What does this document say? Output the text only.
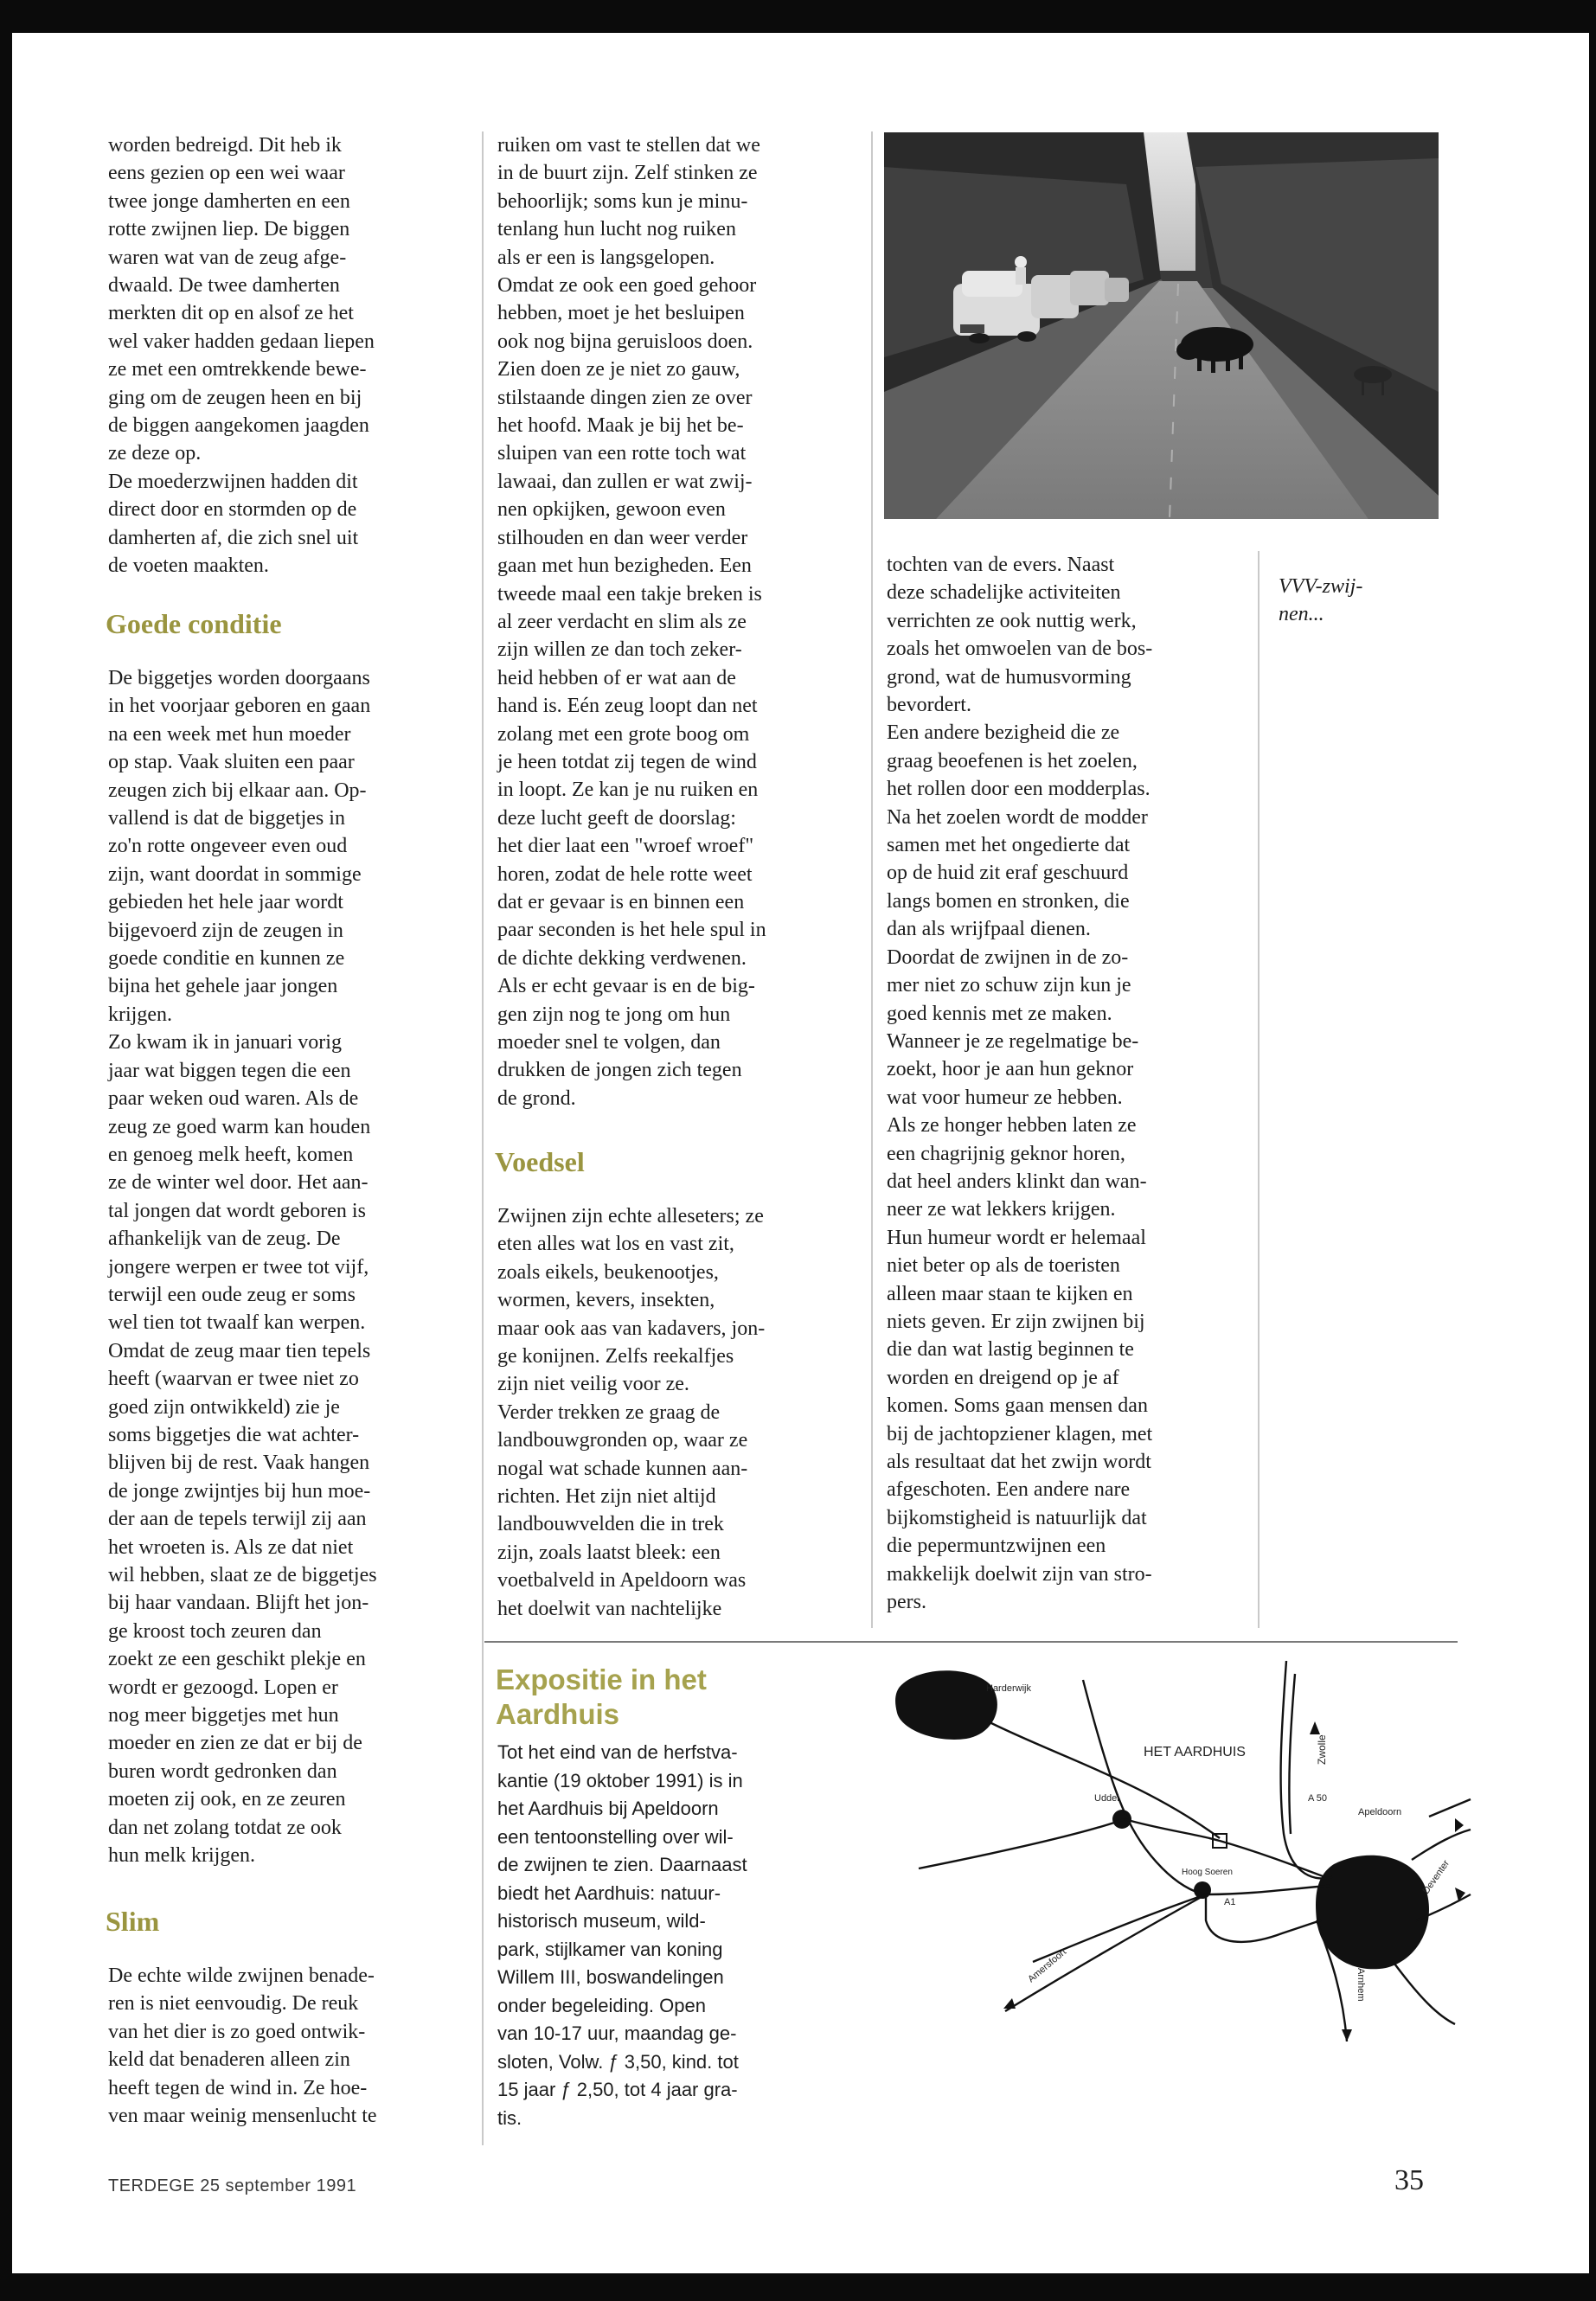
worden bedreigd. Dit heb ik
eens gezien op een wei waar
twee jonge damherten en een
rotte zwijnen liep. De biggen
waren wat van de zeug afge-
dwaald. De twee damherten
merkten dit op en alsof ze het
wel vaker hadden gedaan liepen
ze met een omtrekkende bewe-
ging om de zeugen heen en bij
de biggen aangekomen jaagden
ze deze op.
De moederzwijnen hadden dit
direct door en stormden op de
damherten af, die zich snel uit
de voeten maakten.

Goede conditie

De biggetjes worden doorgaans
in het voorjaar geboren en gaan
na een week met hun moeder
op stap. Vaak sluiten een paar
zeugen zich bij elkaar aan. Op-
vallend is dat de biggetjes in
zo'n rotte ongeveer even oud
zijn, want doordat in sommige
gebieden het hele jaar wordt
bijgevoerd zijn de zeugen in
goede conditie en kunnen ze
bijna het gehele jaar jongen
krijgen.
Zo kwam ik in januari vorig
jaar wat biggen tegen die een
paar weken oud waren. Als de
zeug ze goed warm kan houden
en genoeg melk heeft, komen
ze de winter wel door. Het aan-
tal jongen dat wordt geboren is
afhankelijk van de zeug. De
jongere werpen er twee tot vijf,
terwijl een oude zeug er soms
wel tien tot twaalf kan werpen.
Omdat de zeug maar tien tepels
heeft (waarvan er twee niet zo
goed zijn ontwikkeld) zie je
soms biggetjes die wat achter-
blijven bij de rest. Vaak hangen
de jonge zwijntjes bij hun moe-
der aan de tepels terwijl zij aan
het wroeten is. Als ze dat niet
wil hebben, slaat ze de biggetjes
bij haar vandaan. Blijft het jon-
ge kroost toch zeuren dan
zoekt ze een geschikt plekje en
wordt er gezoogd. Lopen er
nog meer biggetjes met hun
moeder en zien ze dat er bij de
buren wordt gedronken dan
moeten zij ook, en ze zeuren
dan net zolang totdat ze ook
hun melk krijgen.

Slim

De echte wilde zwijnen benade-
ren is niet eenvoudig. De reuk
van het dier is zo goed ontwik-
keld dat benaderen alleen zin
heeft tegen de wind in. Ze hoe-
ven maar weinig mensenlucht te

ruiken om vast te stellen dat we
in de buurt zijn. Zelf stinken ze
behoorlijk; soms kun je minu-
tenlang hun lucht nog ruiken
als er een is langsgelopen.
Omdat ze ook een goed gehoor
hebben, moet je het besluipen
ook nog bijna geruisloos doen.
Zien doen ze je niet zo gauw,
stilstaande dingen zien ze over
het hoofd. Maak je bij het be-
sluipen van een rotte toch wat
lawaai, dan zullen er wat zwij-
nen opkijken, gewoon even
stilhouden en dan weer verder
gaan met hun bezigheden. Een
tweede maal een takje breken is
al zeer verdacht en slim als ze
zijn willen ze dan toch zeker-
heid hebben of er wat aan de
hand is. Eén zeug loopt dan net
zolang met een grote boog om
je heen totdat zij tegen de wind
in loopt. Ze kan je nu ruiken en
deze lucht geeft de doorslag:
het dier laat een "wroef wroef"
horen, zodat de hele rotte weet
dat er gevaar is en binnen een
paar seconden is het hele spul in
de dichte dekking verdwenen.
Als er echt gevaar is en de big-
gen zijn nog te jong om hun
moeder snel te volgen, dan
drukken de jongen zich tegen
de grond.

Voedsel

Zwijnen zijn echte alleseters; ze
eten alles wat los en vast zit,
zoals eikels, beukenootjes,
wormen, kevers, insekten,
maar ook aas van kadavers, jon-
ge konijnen. Zelfs reekalfjes
zijn niet veilig voor ze.
Verder trekken ze graag de
landbouwgronden op, waar ze
nogal wat schade kunnen aan-
richten. Het zijn niet altijd
landbouwvelden die in trek
zijn, zoals laatst bleek: een
voetbalveld in Apeldoorn was
het doelwit van nachtelijke

tochten van de evers. Naast
deze schadelijke activiteiten
verrichten ze ook nuttig werk,
zoals het omwoelen van de bos-
grond, wat de humusvorming
bevordert.
Een andere bezigheid die ze
graag beoefenen is het zoelen,
het rollen door een modderplas.
Na het zoelen wordt de modder
samen met het ongedierte dat
op de huid zit eraf geschuurd
langs bomen en stronken, die
dan als wrijfpaal dienen.
Doordat de zwijnen in de zo-
mer niet zo schuw zijn kun je
goed kennis met ze maken.
Wanneer je ze regelmatige be-
zoekt, hoor je aan hun geknor
wat voor humeur ze hebben.
Als ze honger hebben laten ze
een chagrijnig geknor horen,
dat heel anders klinkt dan wan-
neer ze wat lekkers krijgen.
Hun humeur wordt er helemaal
niet beter op als de toeristen
alleen maar staan te kijken en
niets geven. Er zijn zwijnen bij
die dan wat lastig beginnen te
worden en dreigend op je af
komen. Soms gaan mensen dan
bij de jachtopziener klagen, met
als resultaat dat het zwijn wordt
afgeschoten. Een andere nare
bijkomstigheid is natuurlijk dat
die pepermuntzwijnen een
makkelijk doelwit zijn van stro-
pers.

VVV-zwij-
nen...

Expositie in het
Aardhuis

Tot het eind van de herfstva-
kantie (19 oktober 1991) is in
het Aardhuis bij Apeldoorn
een tentoonstelling over wil-
de zwijnen te zien. Daarnaast
biedt het Aardhuis: natuur-
historisch museum, wild-
park, stijlkamer van koning
Willem III, boswandelingen
onder begeleiding. Open
van 10-17 uur, maandag ge-
sloten, Volw. ƒ 3,50, kind. tot
15 jaar ƒ 2,50, tot 4 jaar gra-
tis.

Harderwijk
HET AARDHUIS
Uddel
Zwolle
A 50
Apeldoorn
Hoog Soeren
A1
Amersfoort	Arnhem
Deventer
TERDEGE 25 september 1991	35
